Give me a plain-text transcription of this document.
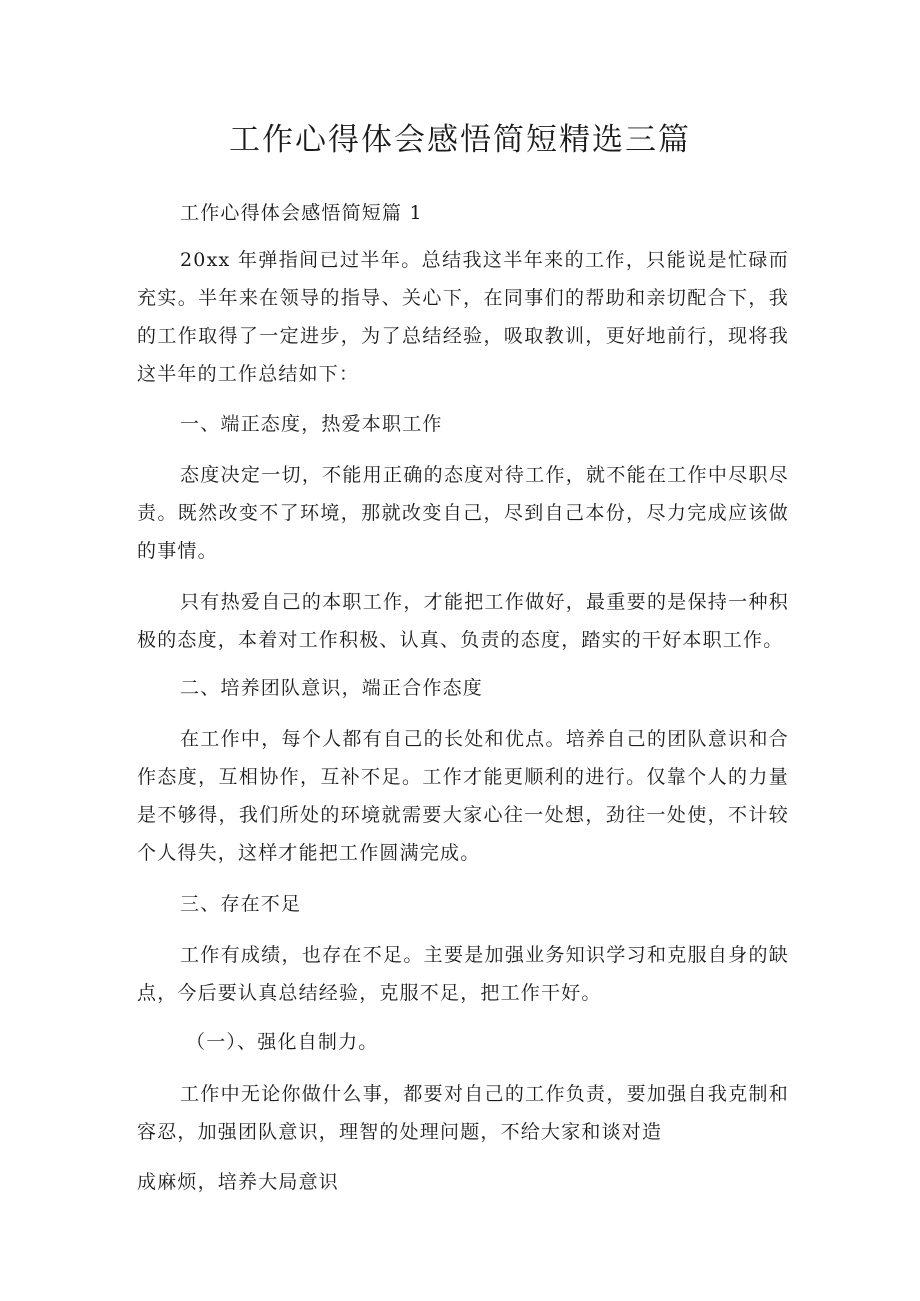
工作心得体会感悟简短精选三篇

工作心得体会感悟简短篇 1

20xx 年弹指间已过半年。总结我这半年来的工作，只能说是忙碌而充实。半年来在领导的指导、关心下，在同事们的帮助和亲切配合下，我的工作取得了一定进步，为了总结经验，吸取教训，更好地前行，现将我这半年的工作总结如下：

一、端正态度，热爱本职工作

态度决定一切，不能用正确的态度对待工作，就不能在工作中尽职尽责。既然改变不了环境，那就改变自己，尽到自己本份，尽力完成应该做的事情。

只有热爱自己的本职工作，才能把工作做好，最重要的是保持一种积极的态度，本着对工作积极、认真、负责的态度，踏实的干好本职工作。

二、培养团队意识，端正合作态度

在工作中，每个人都有自己的长处和优点。培养自己的团队意识和合作态度，互相协作，互补不足。工作才能更顺利的进行。仅靠个人的力量是不够得，我们所处的环境就需要大家心往一处想，劲往一处使，不计较个人得失，这样才能把工作圆满完成。

三、存在不足

工作有成绩，也存在不足。主要是加强业务知识学习和克服自身的缺点，今后要认真总结经验，克服不足，把工作干好。

（一）、强化自制力。

工作中无论你做什么事，都要对自己的工作负责，要加强自我克制和容忍，加强团队意识，理智的处理问题，不给大家和谈对造

成麻烦，培养大局意识
